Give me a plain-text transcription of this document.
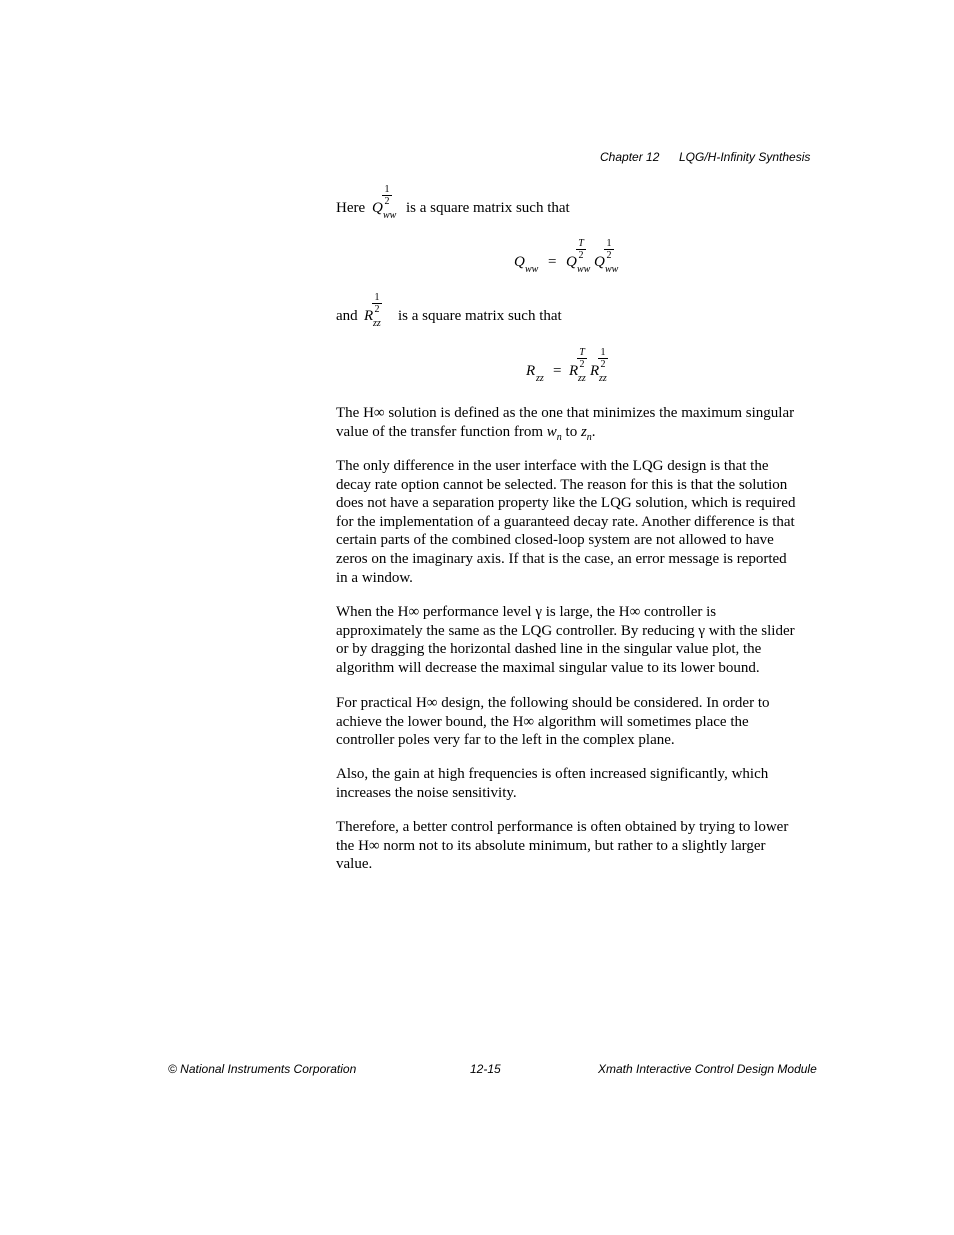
Chapter 12 LQG/H-Infinity Synthesis
Here Q
$\frac{1}{2}$
ww is a square matrix such that
Q ww = Q
$\frac{T}{2}$
ww Q
$\frac{1}{2}$
ww
and R
$\frac{1}{2}$
zz is a square matrix such that
R zz = R
$\frac{T}{2}$
zz R
$\frac{1}{2}$
zz

The H∞ solution is defined as the one that minimizes the maximum singular value of the transfer function from $w_n$ to $z_n$.

The only difference in the user interface with the LQG design is that the decay rate option cannot be selected. The reason for this is that the solution does not have a separation property like the LQG solution, which is required for the implementation of a guaranteed decay rate. Another difference is that certain parts of the combined closed-loop system are not allowed to have zeros on the imaginary axis. If that is the case, an error message is reported in a window.

When the H∞ performance level γ is large, the H∞ controller is approximately the same as the LQG controller. By reducing γ with the slider or by dragging the horizontal dashed line in the singular value plot, the algorithm will decrease the maximal singular value to its lower bound.

For practical H∞ design, the following should be considered. In order to achieve the lower bound, the H∞ algorithm will sometimes place the controller poles very far to the left in the complex plane.

Also, the gain at high frequencies is often increased significantly, which increases the noise sensitivity.

Therefore, a better control performance is often obtained by trying to lower the H∞ norm not to its absolute minimum, but rather to a slightly larger value.

© National Instruments Corporation	12-15	Xmath Interactive Control Design Module
